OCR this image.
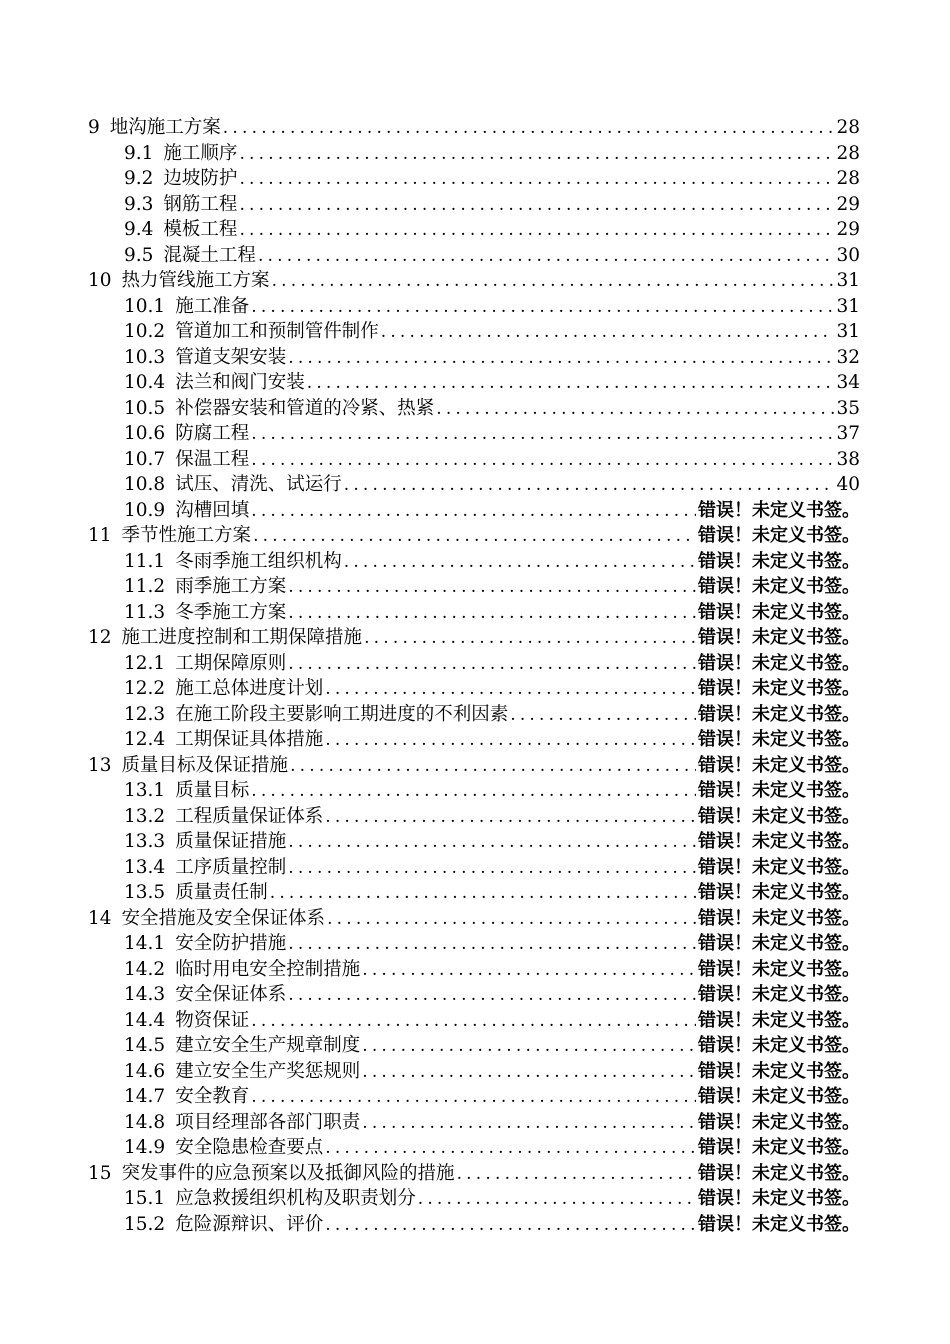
9 地沟施工方案 .....	28
9.1 施工顺序 .....	28
9.2 边坡防护 .....	28
9.3 钢筋工程 .....	29
9.4 模板工程 .....	29
9.5 混凝土工程 .....	30
10 热力管线施工方案 .....	31
10.1 施工准备 .....	31
10.2 管道加工和预制管件制作 .....	31
10.3 管道支架安装 .....	32
10.4 法兰和阀门安装 .....	34
10.5 补偿器安装和管道的冷紧、热紧 .....	35
10.6 防腐工程 .....	37
10.7 保温工程 .....	38
10.8 试压、清洗、试运行 .....	40
10.9 沟槽回填 .....	错误！未定义书签。
11 季节性施工方案 .....	错误！未定义书签。
11.1 冬雨季施工组织机构 .....	错误！未定义书签。
11.2 雨季施工方案 .....	错误！未定义书签。
11.3 冬季施工方案 .....	错误！未定义书签。
12 施工进度控制和工期保障措施 .....	错误！未定义书签。
12.1 工期保障原则 .....	错误！未定义书签。
12.2 施工总体进度计划 .....	错误！未定义书签。
12.3 在施工阶段主要影响工期进度的不利因素 .....	错误！未定义书签。
12.4 工期保证具体措施 .....	错误！未定义书签。
13 质量目标及保证措施 .....	错误！未定义书签。
13.1 质量目标 .....	错误！未定义书签。
13.2 工程质量保证体系 .....	错误！未定义书签。
13.3 质量保证措施 .....	错误！未定义书签。
13.4 工序质量控制 .....	错误！未定义书签。
13.5 质量责任制 .....	错误！未定义书签。
14 安全措施及安全保证体系 .....	错误！未定义书签。
14.1 安全防护措施 .....	错误！未定义书签。
14.2 临时用电安全控制措施 .....	错误！未定义书签。
14.3 安全保证体系 .....	错误！未定义书签。
14.4 物资保证 .....	错误！未定义书签。
14.5 建立安全生产规章制度 .....	错误！未定义书签。
14.6 建立安全生产奖惩规则 .....	错误！未定义书签。
14.7 安全教育 .....	错误！未定义书签。
14.8 项目经理部各部门职责 .....	错误！未定义书签。
14.9 安全隐患检查要点 .....	错误！未定义书签。
15 突发事件的应急预案以及抵御风险的措施 .....	错误！未定义书签。
15.1 应急救援组织机构及职责划分 .....	错误！未定义书签。
15.2 危险源辩识、评价 .....	错误！未定义书签。
